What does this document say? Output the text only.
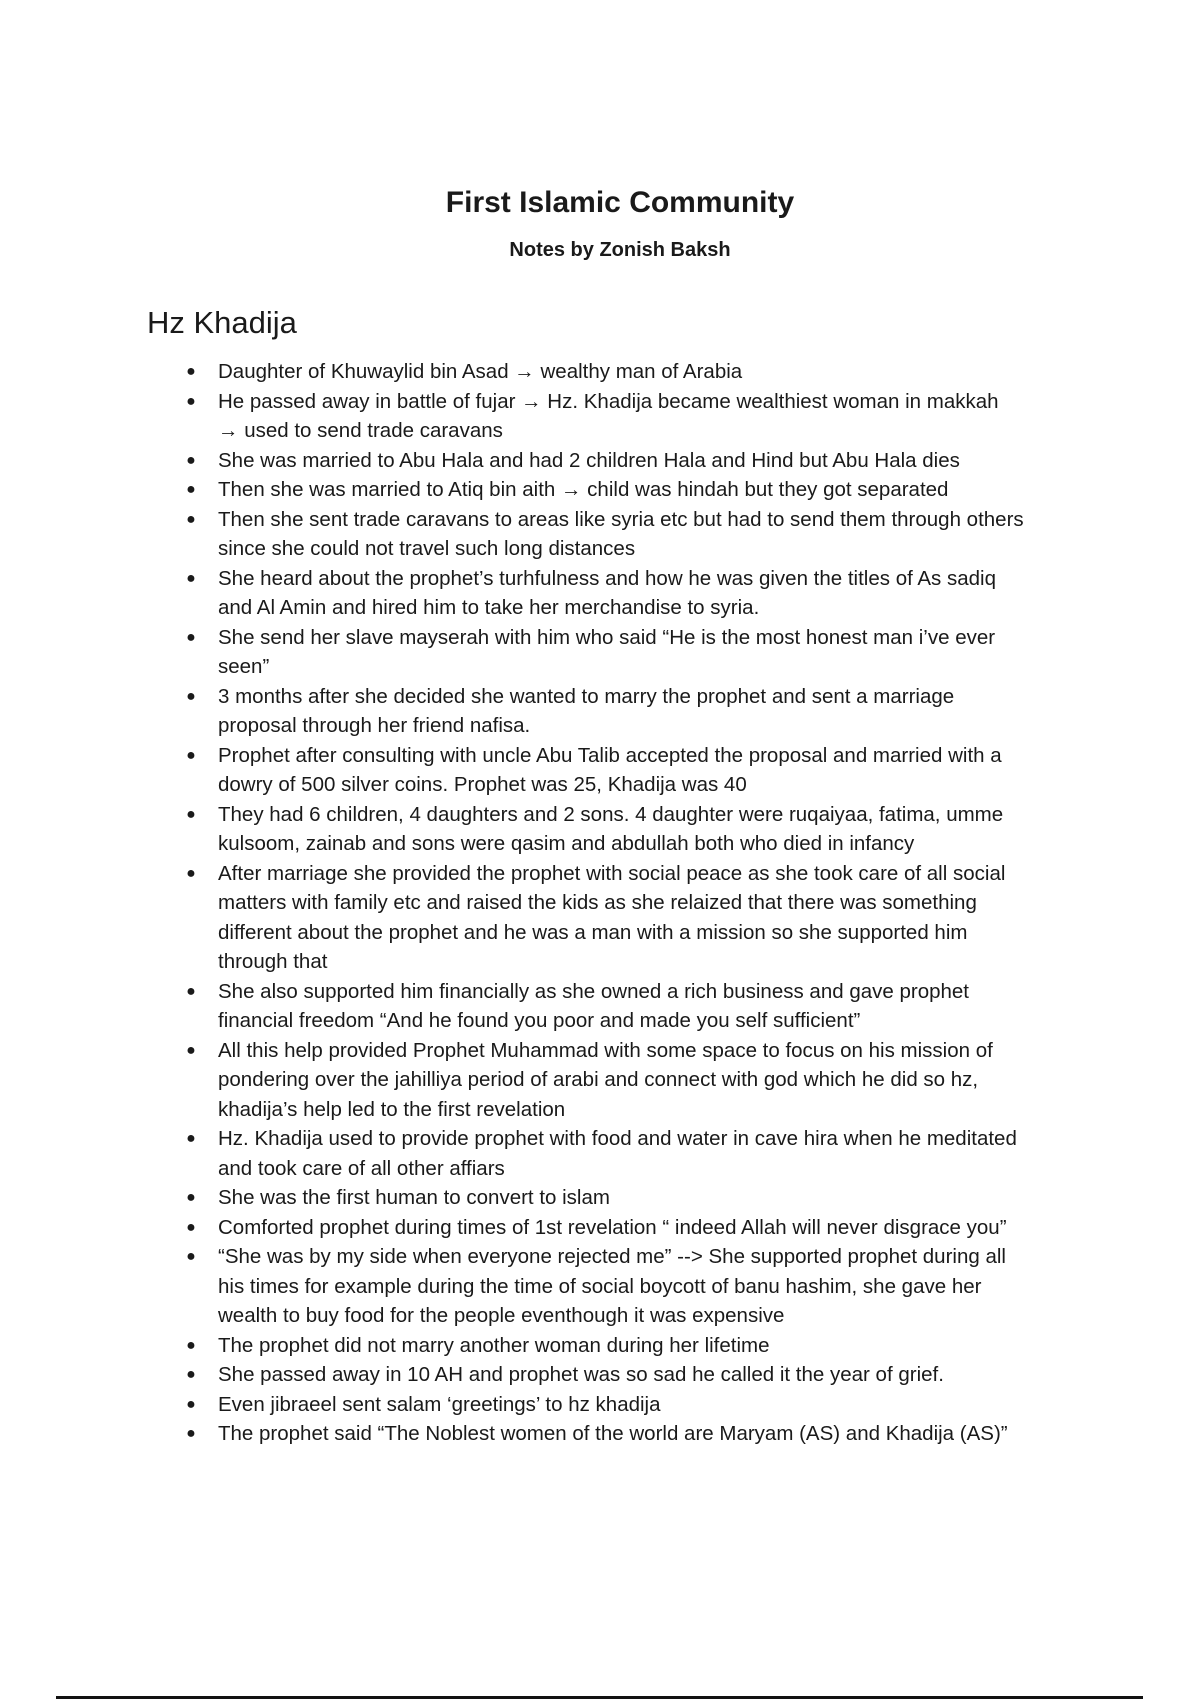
First Islamic Community
Notes by Zonish Baksh
Hz Khadija
● Daughter of Khuwaylid bin Asad → wealthy man of Arabia
● He passed away in battle of fujar → Hz. Khadija became wealthiest woman in makkah
→ used to send trade caravans
● She was married to Abu Hala and had 2 children Hala and Hind but Abu Hala dies
● Then she was married to Atiq bin aith → child was hindah but they got separated
● Then she sent trade caravans to areas like syria etc but had to send them through others
since she could not travel such long distances
● She heard about the prophet’s turhfulness and how he was given the titles of As sadiq
and Al Amin and hired him to take her merchandise to syria.
● She send her slave mayserah with him who said “He is the most honest man i’ve ever
seen”
● 3 months after she decided she wanted to marry the prophet and sent a marriage
proposal through her friend nafisa.
● Prophet after consulting with uncle Abu Talib accepted the proposal and married with a
dowry of 500 silver coins. Prophet was 25, Khadija was 40
● They had 6 children, 4 daughters and 2 sons. 4 daughter were ruqaiyaa, fatima, umme
kulsoom, zainab and sons were qasim and abdullah both who died in infancy
● After marriage she provided the prophet with social peace as she took care of all social
matters with family etc and raised the kids as she relaized that there was something
different about the prophet and he was a man with a mission so she supported him
through that
● She also supported him financially as she owned a rich business and gave prophet
financial freedom “And he found you poor and made you self sufficient”
● All this help provided Prophet Muhammad with some space to focus on his mission of
pondering over the jahilliya period of arabi and connect with god which he did so hz,
khadija’s help led to the first revelation
● Hz. Khadija used to provide prophet with food and water in cave hira when he meditated
and took care of all other affiars
● She was the first human to convert to islam
● Comforted prophet during times of 1st revelation “ indeed Allah will never disgrace you”
● “She was by my side when everyone rejected me” --> She supported prophet during all
his times for example during the time of social boycott of banu hashim, she gave her
wealth to buy food for the people eventhough it was expensive
● The prophet did not marry another woman during her lifetime
● She passed away in 10 AH and prophet was so sad he called it the year of grief.
● Even jibraeel sent salam ‘greetings’ to hz khadija
● The prophet said “The Noblest women of the world are Maryam (AS) and Khadija (AS)”
